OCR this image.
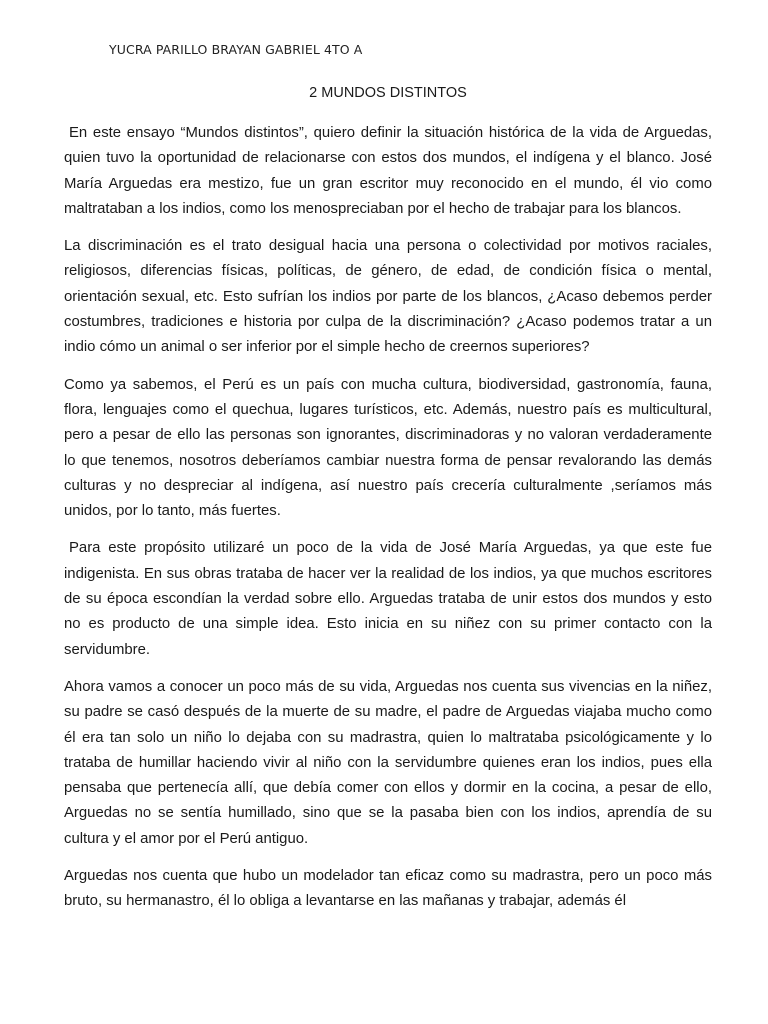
YUCRA PARILLO BRAYAN GABRIEL 4TO A
2 MUNDOS DISTINTOS

En este ensayo “Mundos distintos”, quiero definir la situación histórica de la vida de Arguedas, quien tuvo la oportunidad de relacionarse con estos dos mundos, el indígena y el blanco. José María Arguedas era mestizo, fue un gran escritor muy reconocido en el mundo, él vio como maltrataban a los indios, como los menospreciaban por el hecho de trabajar para los blancos.

La discriminación es el trato desigual hacia una persona o colectividad por motivos raciales, religiosos, diferencias físicas, políticas, de género, de edad, de condición física o mental, orientación sexual, etc. Esto sufrían los indios por parte de los blancos, ¿Acaso debemos perder costumbres, tradiciones e historia por culpa de la discriminación? ¿Acaso podemos tratar a un indio cómo un animal o ser inferior por el simple hecho de creernos superiores?

Como ya sabemos, el Perú es un país con mucha cultura, biodiversidad, gastronomía, fauna, flora, lenguajes como el quechua, lugares turísticos, etc. Además, nuestro país es multicultural, pero a pesar de ello las personas son ignorantes, discriminadoras y no valoran verdaderamente lo que tenemos, nosotros deberíamos cambiar nuestra forma de pensar revalorando las demás culturas y no despreciar al indígena, así nuestro país crecería culturalmente ,seríamos más unidos, por lo tanto, más fuertes.

Para este propósito utilizaré un poco de la vida de José María Arguedas, ya que este fue indigenista. En sus obras trataba de hacer ver la realidad de los indios, ya que muchos escritores de su época escondían la verdad sobre ello. Arguedas trataba de unir estos dos mundos y esto no es producto de una simple idea. Esto inicia en su niñez con su primer contacto con la servidumbre.

Ahora vamos a conocer un poco más de su vida, Arguedas nos cuenta sus vivencias en la niñez, su padre se casó después de la muerte de su madre, el padre de Arguedas viajaba mucho como él era tan solo un niño lo dejaba con su madrastra, quien lo maltrataba psicológicamente y lo trataba de humillar haciendo vivir al niño con la servidumbre quienes eran los indios, pues ella pensaba que pertenecía allí, que debía comer con ellos y dormir en la cocina, a pesar de ello, Arguedas no se sentía humillado, sino que se la pasaba bien con los indios, aprendía de su cultura y el amor por el Perú antiguo.

Arguedas nos cuenta que hubo un modelador tan eficaz como su madrastra, pero un poco más bruto, su hermanastro, él lo obliga a levantarse en las mañanas y trabajar, además él
